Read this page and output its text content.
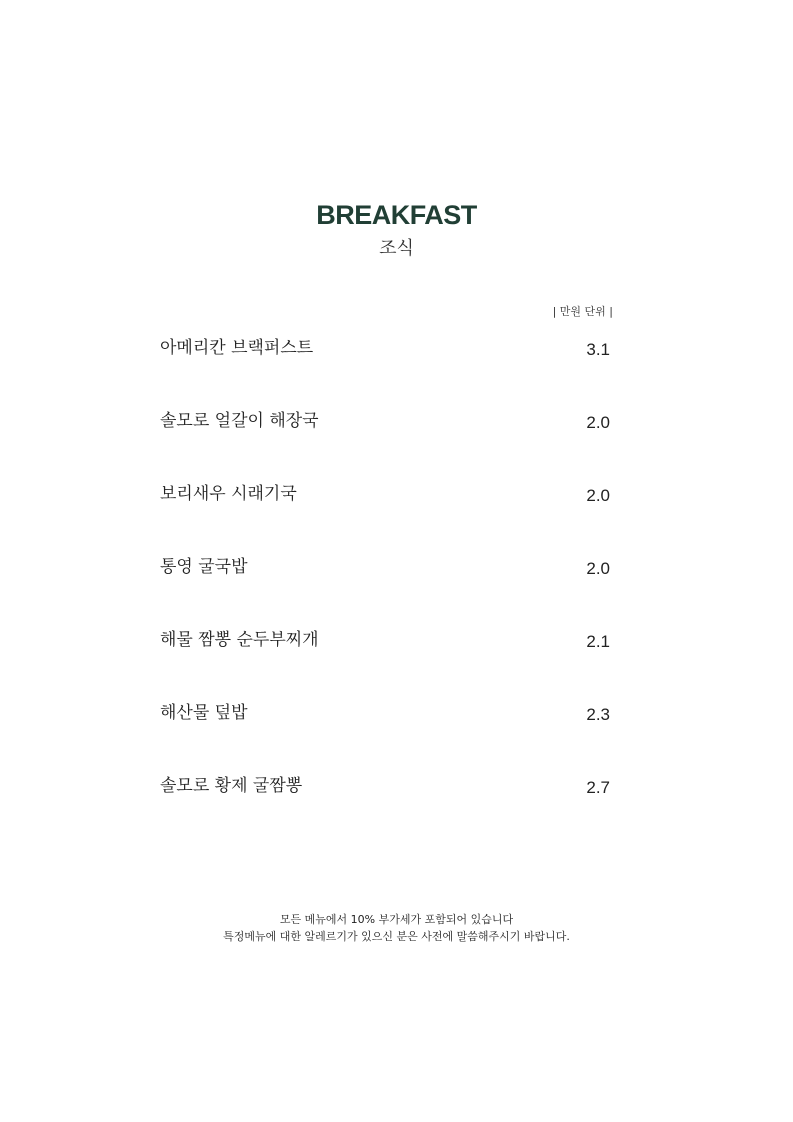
BREAKFAST
조식
| 만원 단위 |
아메리칸 브랙퍼스트	3.1
솔모로 얼갈이 해장국	2.0
보리새우 시래기국	2.0
통영 굴국밥	2.0
해물 짬뽕 순두부찌개	2.1
해산물 덮밥	2.3
솔모로 황제 굴짬뽕	2.7
모든 메뉴에서 10% 부가세가 포함되어 있습니다
특정메뉴에 대한 알레르기가 있으신 분은 사전에 말씀해주시기 바랍니다.
